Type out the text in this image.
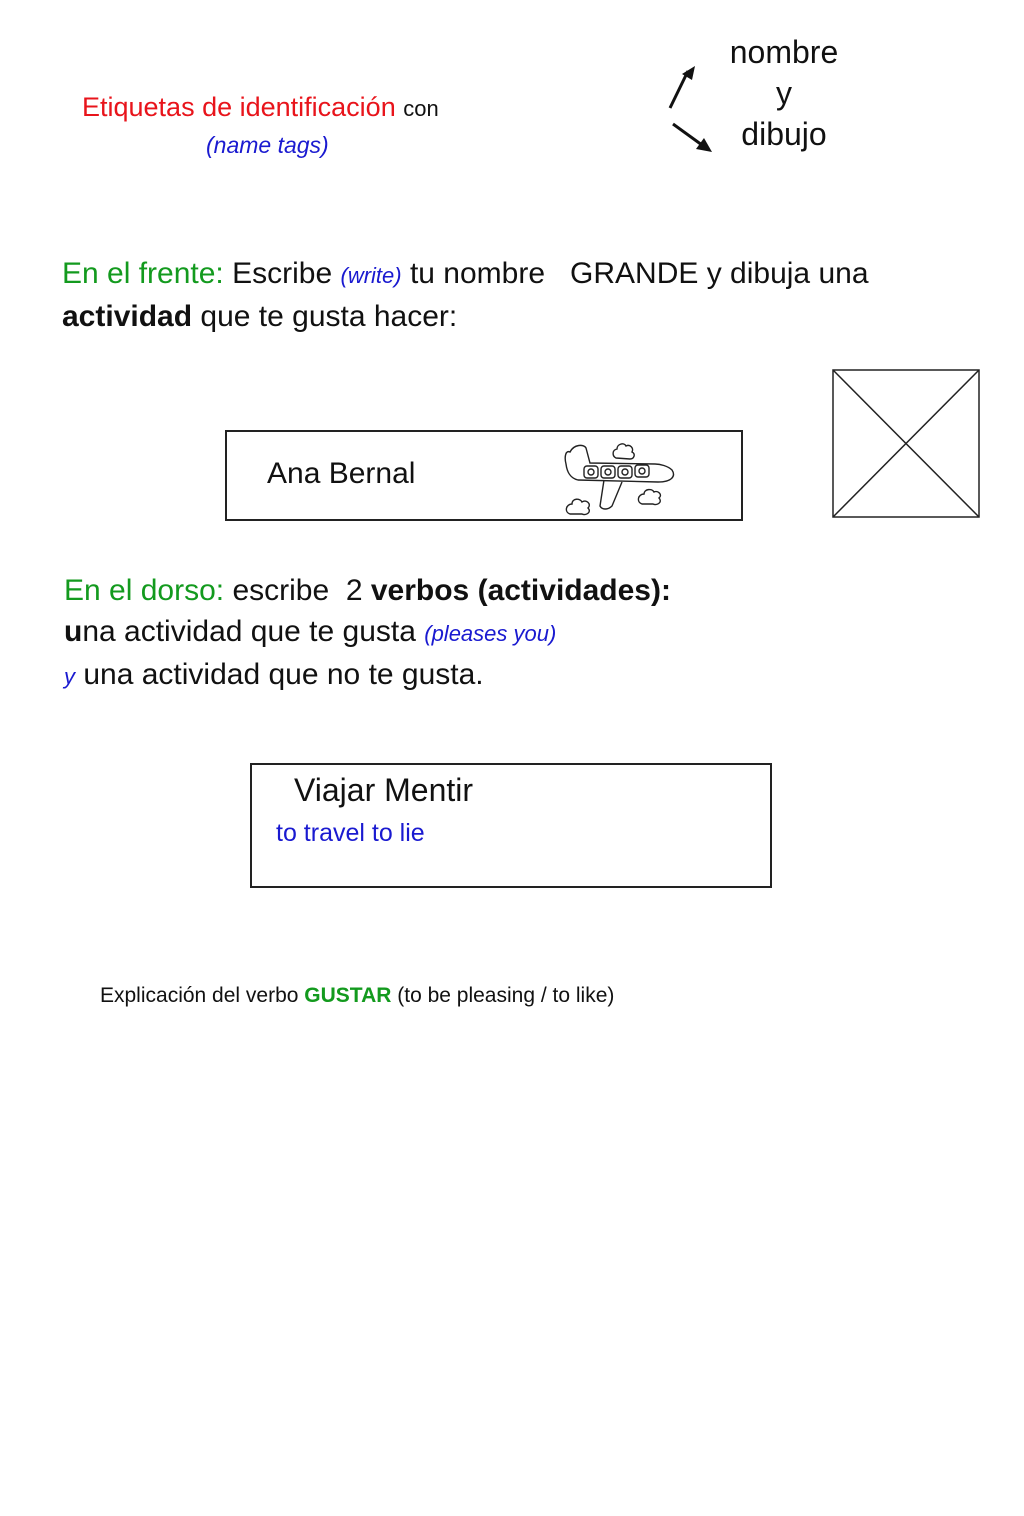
Etiquetas de identificación con
(name tags)
nombre
y
dibujo
En el frente: Escribe (write) tu nombre   GRANDE y dibuja una
actividad que te gusta hacer:
Ana Bernal
En el dorso: escribe  2 verbos (actividades):
una actividad que te gusta (pleases you)
y una actividad que no te gusta.
Viajar Mentir
to travel to lie
Explicación del verbo GUSTAR (to be pleasing / to like)
